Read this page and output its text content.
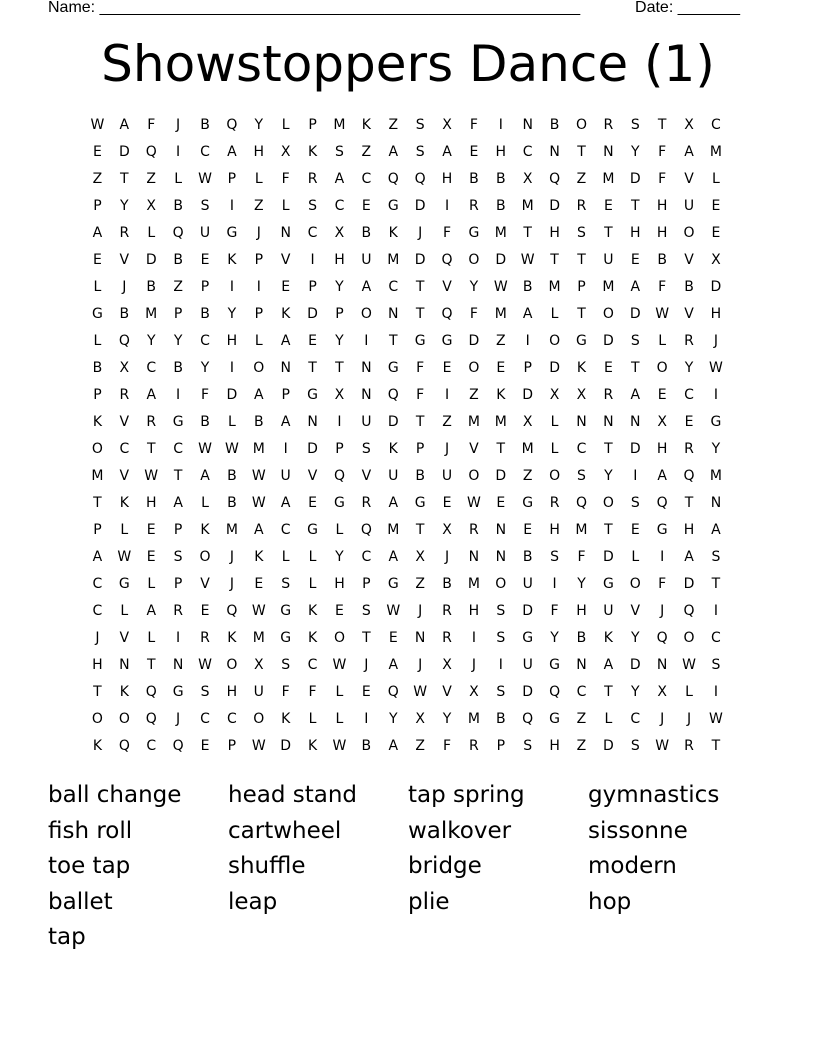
Name: ______________________________________________________	Date: _______
Showstoppers Dance (1)
W	A	F	J	B	Q	Y	L	P	M	K	Z	S	X	F	I	N	B	O	R	S	T	X	C
E	D	Q	I	C	A	H	X	K	S	Z	A	S	A	E	H	C	N	T	N	Y	F	A	M
Z	T	Z	L	W	P	L	F	R	A	C	Q	Q	H	B	B	X	Q	Z	M	D	F	V	L
P	Y	X	B	S	I	Z	L	S	C	E	G	D	I	R	B	M	D	R	E	T	H	U	E
A	R	L	Q	U	G	J	N	C	X	B	K	J	F	G	M	T	H	S	T	H	H	O	E
E	V	D	B	E	K	P	V	I	H	U	M	D	Q	O	D	W	T	T	U	E	B	V	X
L	J	B	Z	P	I	I	E	P	Y	A	C	T	V	Y	W	B	M	P	M	A	F	B	D
G	B	M	P	B	Y	P	K	D	P	O	N	T	Q	F	M	A	L	T	O	D	W	V	H
L	Q	Y	Y	C	H	L	A	E	Y	I	T	G	G	D	Z	I	O	G	D	S	L	R	J
B	X	C	B	Y	I	O	N	T	T	N	G	F	E	O	E	P	D	K	E	T	O	Y	W
P	R	A	I	F	D	A	P	G	X	N	Q	F	I	Z	K	D	X	X	R	A	E	C	I
K	V	R	G	B	L	B	A	N	I	U	D	T	Z	M	M	X	L	N	N	N	X	E	G
O	C	T	C	W W M	I	D	P	S	K	P	J	V	T	M	L	C	T	D	H	R	Y
M	V	W	T	A	B	W	U	V	Q	V	U	B	U	O	D	Z	O	S	Y	I	A	Q	M
T	K	H	A	L	B	W	A	E	G	R	A	G	E	W	E	G	R	Q	O	S	Q	T	N
P	L	E	P	K	M	A	C	G	L	Q	M	T	X	R	N	E	H	M	T	E	G	H	A
A	W	E	S	O	J	K	L	L	Y	C	A	X	J	N	N	B	S	F	D	L	I	A	S
C	G	L	P	V	J	E	S	L	H	P	G	Z	B	M	O	U	I	Y	G	O	F	D	T
C	L	A	R	E	Q	W	G	K	E	S	W	J	R	H	S	D	F	H	U	V	J	Q	I
J	V	L	I	R	K	M	G	K	O	T	E	N	R	I	S	G	Y	B	K	Y	Q	O	C
H	N	T	N	W	O	X	S	C	W	J	A	J	X	J	I	U	G	N	A	D	N	W	S
T	K	Q	G	S	H	U	F	F	L	E	Q	W	V	X	S	D	Q	C	T	Y	X	L	I
O	O	Q	J	C	C	O	K	L	L	I	Y	X	Y	M	B	Q	G	Z	L	C	J	J	W
K	Q	C	Q	E	P	W	D	K	W	B	A	Z	F	R	P	S	H	Z	D	S	W	R	T
ball change	head stand	tap spring	gymnastics
fish roll	cartwheel	walkover	sissonne
toe tap	shuffle	bridge	modern
ballet	leap	plie	hop
tap
